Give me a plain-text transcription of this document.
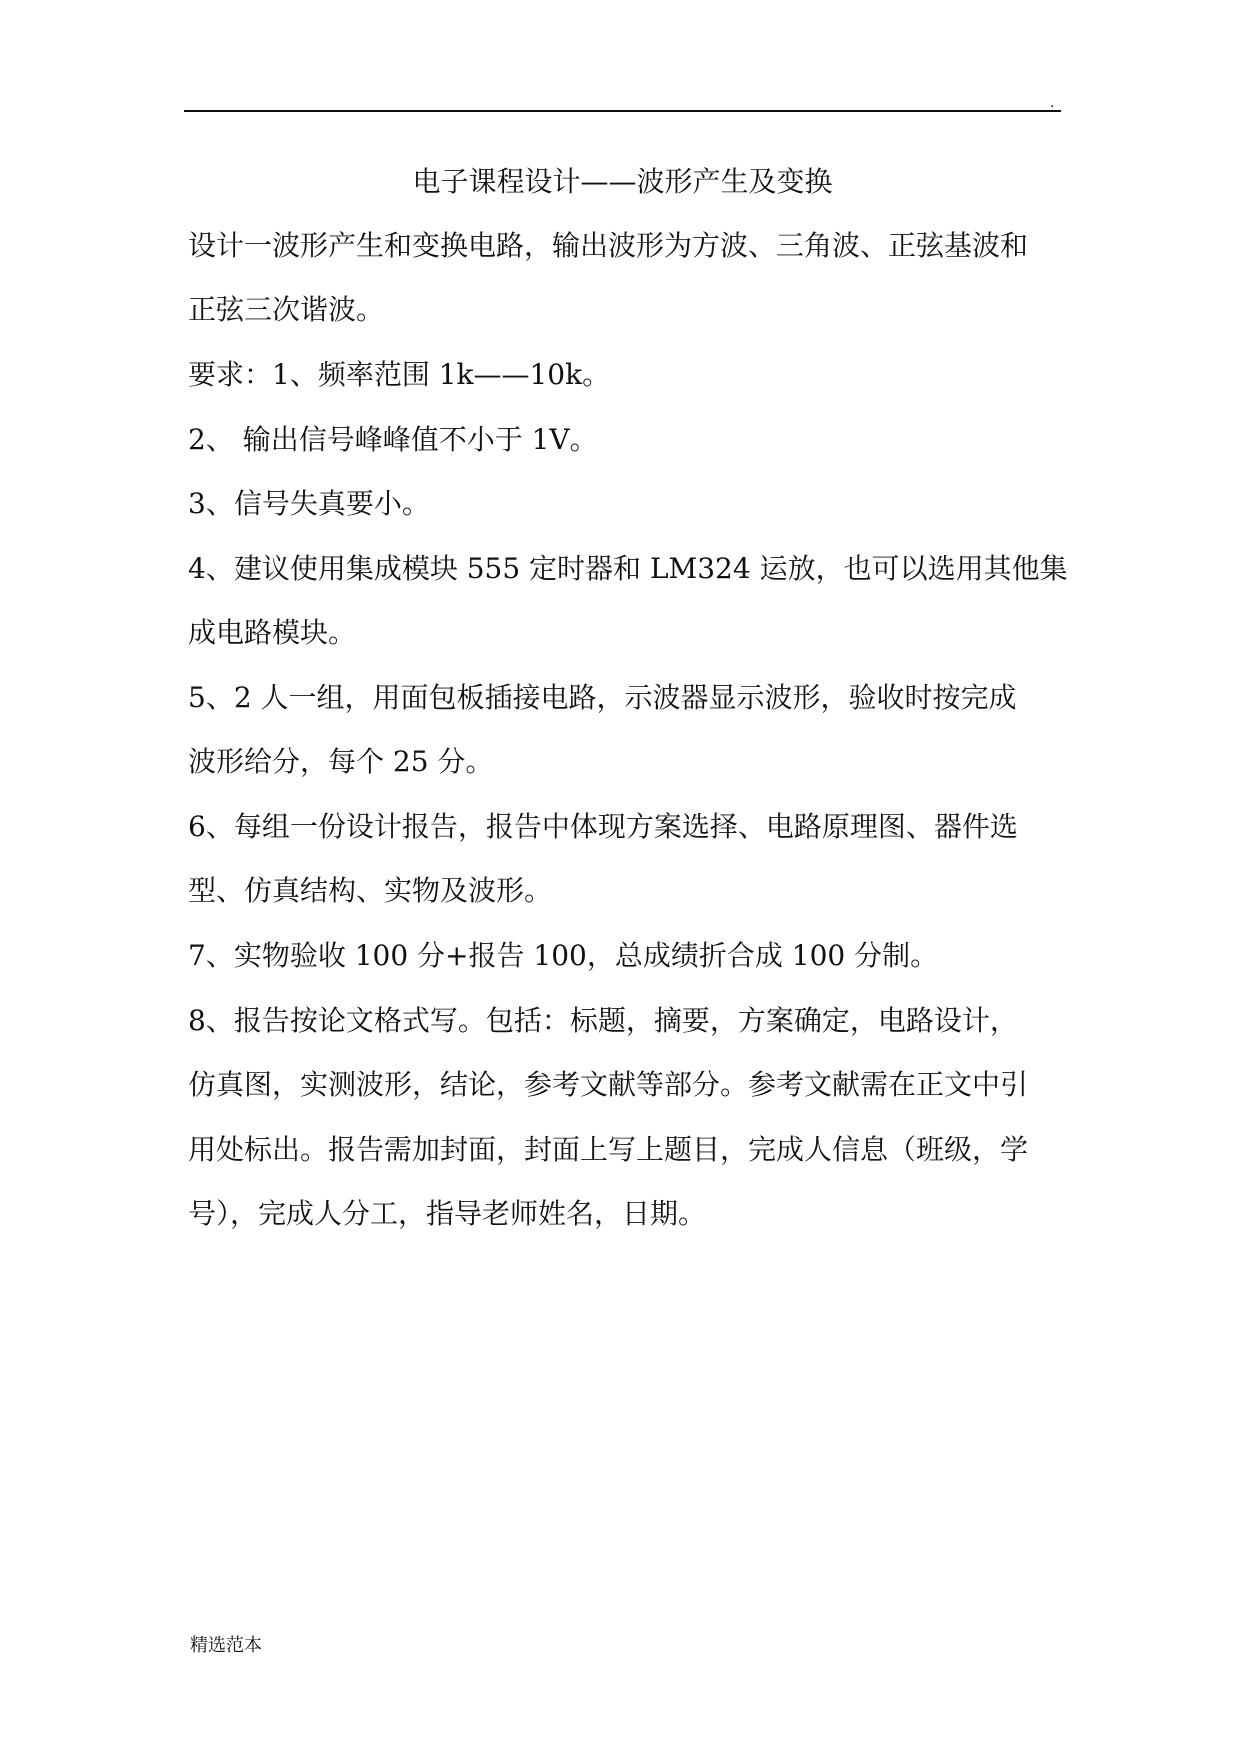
.
电子课程设计——波形产生及变换
设计一波形产生和变换电路，输出波形为方波、三角波、正弦基波和
正弦三次谐波。
要求：1、频率范围 1k——10k。
2、 输出信号峰峰值不小于 1V。
3、信号失真要小。
4、建议使用集成模块 555 定时器和 LM324 运放，也可以选用其他集
成电路模块。
5、2 人一组，用面包板插接电路，示波器显示波形，验收时按完成
波形给分，每个 25 分。
6、每组一份设计报告，报告中体现方案选择、电路原理图、器件选
型、仿真结构、实物及波形。
7、实物验收 100 分+报告 100，总成绩折合成 100 分制。
8、报告按论文格式写。包括：标题，摘要，方案确定，电路设计，
仿真图，实测波形，结论，参考文献等部分。参考文献需在正文中引
用处标出。报告需加封面，封面上写上题目，完成人信息（班级，学
号），完成人分工，指导老师姓名，日期。
精选范本
